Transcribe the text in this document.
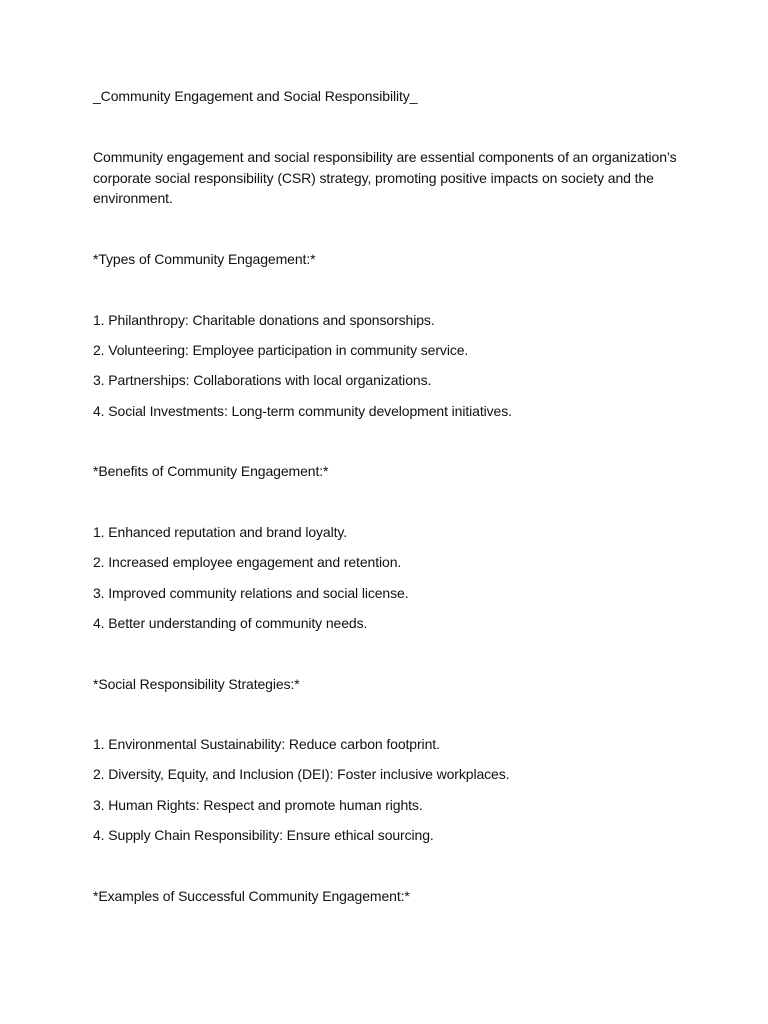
_Community Engagement and Social Responsibility_
Community engagement and social responsibility are essential components of an organization’s corporate social responsibility (CSR) strategy, promoting positive impacts on society and the environment.
*Types of Community Engagement:*
1. Philanthropy: Charitable donations and sponsorships.
2. Volunteering: Employee participation in community service.
3. Partnerships: Collaborations with local organizations.
4. Social Investments: Long-term community development initiatives.
*Benefits of Community Engagement:*
1. Enhanced reputation and brand loyalty.
2. Increased employee engagement and retention.
3. Improved community relations and social license.
4. Better understanding of community needs.
*Social Responsibility Strategies:*
1. Environmental Sustainability: Reduce carbon footprint.
2. Diversity, Equity, and Inclusion (DEI): Foster inclusive workplaces.
3. Human Rights: Respect and promote human rights.
4. Supply Chain Responsibility: Ensure ethical sourcing.
*Examples of Successful Community Engagement:*
